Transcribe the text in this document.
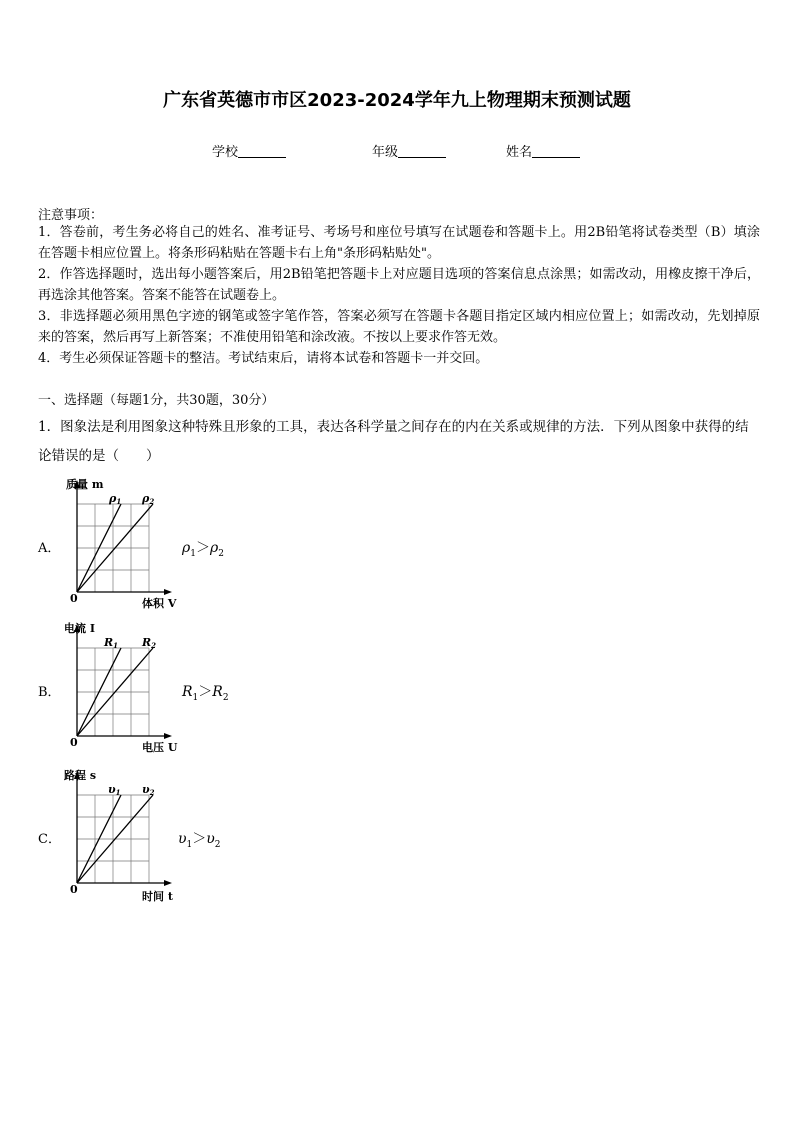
广东省英德市市区2023-2024学年九上物理期末预测试题
学校	年级	姓名
注意事项：
1．答卷前，考生务必将自己的姓名、准考证号、考场号和座位号填写在试题卷和答题卡上。用2B铅笔将试卷类型（B）填涂在答题卡相应位置上。将条形码粘贴在答题卡右上角"条形码粘贴处"。
2．作答选择题时，选出每小题答案后，用2B铅笔把答题卡上对应题目选项的答案信息点涂黑；如需改动，用橡皮擦干净后，再选涂其他答案。答案不能答在试题卷上。
3．非选择题必须用黑色字迹的钢笔或签字笔作答，答案必须写在答题卡各题目指定区域内相应位置上；如需改动，先划掉原来的答案，然后再写上新答案；不准使用铅笔和涂改液。不按以上要求作答无效。
4．考生必须保证答题卡的整洁。考试结束后，请将本试卷和答题卡一并交回。
一、选择题（每题1分，共30题，30分）
1．图象法是利用图象这种特殊且形象的工具，表达各科学量之间存在的内在关系或规律的方法．下列从图象中获得的结论错误的是（　　）
A．
质量 m
体积 V
0
ρ1 ρ2
$\rho_1>\rho_2$
B．
电流 I
电压 U
0
R1 R2
$R_1>R_2$
C．
路程 s
时间 t
0
υ1 υ2
$\upsilon_1>\upsilon_2$
